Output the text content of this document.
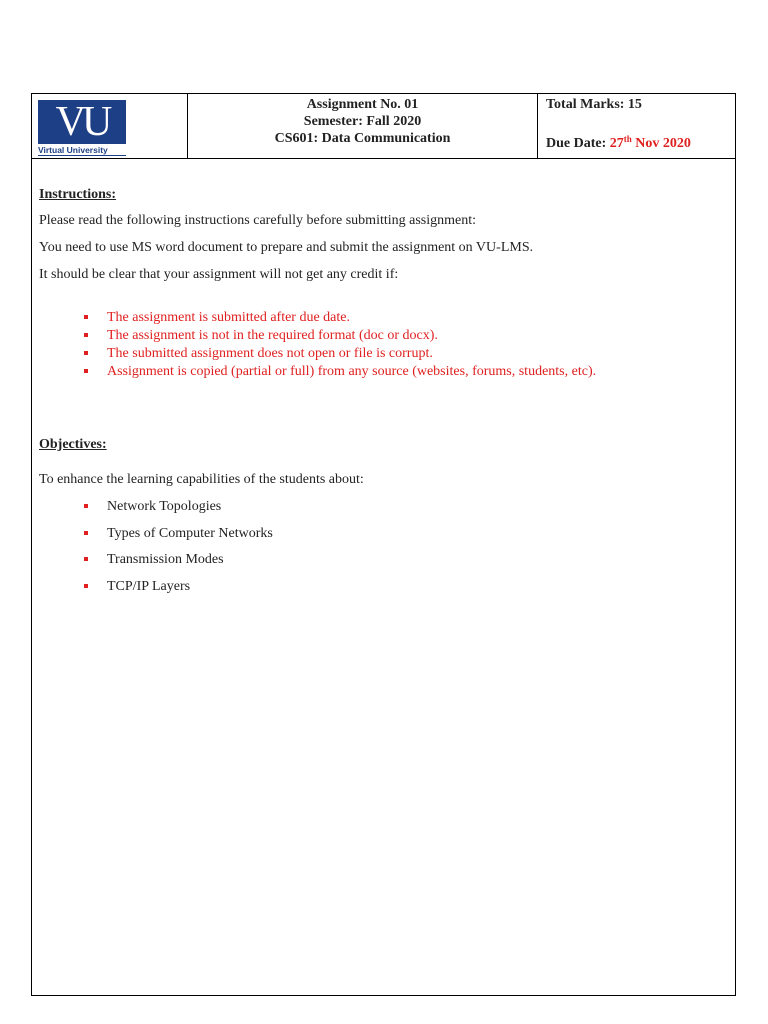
VU
Virtual University
Assignment No. 01
Semester: Fall 2020
CS601: Data Communication
Total Marks: 15
Due Date: 27th Nov 2020
Instructions:
Please read the following instructions carefully before submitting assignment:
You need to use MS word document to prepare and submit the assignment on VU-LMS.
It should be clear that your assignment will not get any credit if:
The assignment is submitted after due date.
The assignment is not in the required format (doc or docx).
The submitted assignment does not open or file is corrupt.
Assignment is copied (partial or full) from any source (websites, forums, students, etc).
Objectives:
To enhance the learning capabilities of the students about:
Network Topologies
Types of Computer Networks
Transmission Modes
TCP/IP Layers
